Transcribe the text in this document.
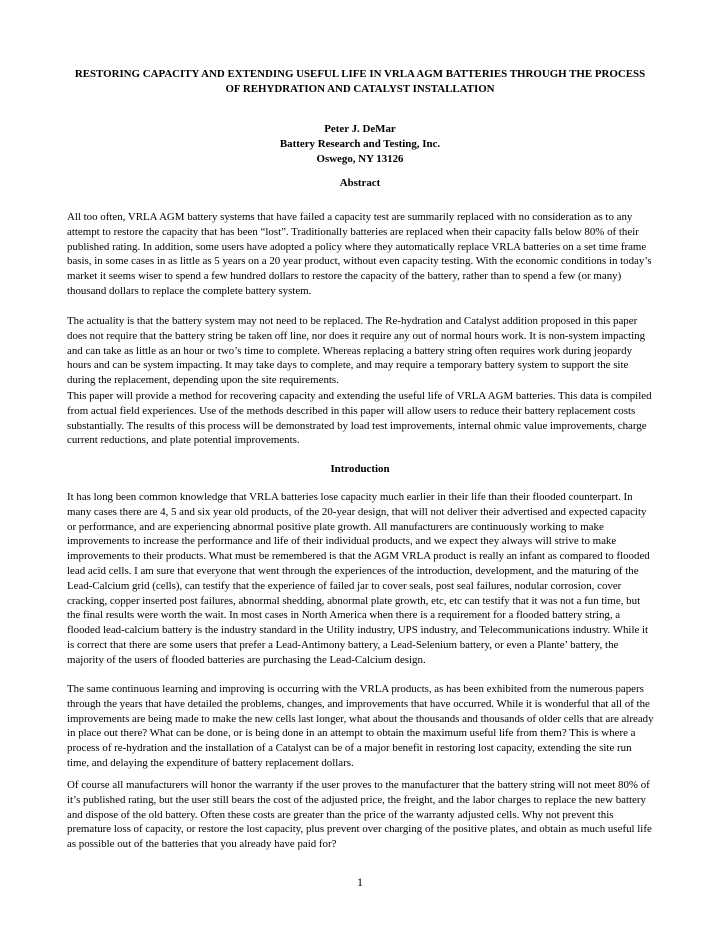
RESTORING CAPACITY AND EXTENDING USEFUL LIFE IN VRLA AGM BATTERIES THROUGH THE PROCESS OF REHYDRATION AND CATALYST INSTALLATION

Peter J. DeMar

Battery Research and Testing, Inc.

Oswego, NY 13126

Abstract

All too often, VRLA AGM battery systems that have failed a capacity test are summarily replaced with no consideration as to any attempt to restore the capacity that has been “lost”. Traditionally batteries are replaced when their capacity falls below 80% of their published rating. In addition, some users have adopted a policy where they automatically replace VRLA batteries on a set time frame basis, in some cases in as little as 5 years on a 20 year product, without even capacity testing. With the economic conditions in today’s market it seems wiser to spend a few hundred dollars to restore the capacity of the battery, rather than to spend a few (or many) thousand dollars to replace the complete battery system.

The actuality is that the battery system may not need to be replaced. The Re-hydration and Catalyst addition proposed in this paper does not require that the battery string be taken off line, nor does it require any out of normal hours work. It is non-system impacting and can take as little as an hour or two’s time to complete. Whereas replacing a battery string often requires work during jeopardy hours and can be system impacting. It may take days to complete, and may require a temporary battery system to support the site during the replacement, depending upon the site requirements.

This paper will provide a method for recovering capacity and extending the useful life of VRLA AGM batteries. This data is compiled from actual field experiences. Use of the methods described in this paper will allow users to reduce their battery replacement costs substantially. The results of this process will be demonstrated by load test improvements, internal ohmic value improvements, charge current reductions, and plate potential improvements.

Introduction

It has long been common knowledge that VRLA batteries lose capacity much earlier in their life than their flooded counterpart. In many cases there are 4, 5 and six year old products, of the 20-year design, that will not deliver their advertised and expected capacity or performance, and are experiencing abnormal positive plate growth. All manufacturers are continuously working to make improvements to increase the performance and life of their individual products, and we expect they always will strive to make improvements to their products. What must be remembered is that the AGM VRLA product is really an infant as compared to flooded lead acid cells. I am sure that everyone that went through the experiences of the introduction, development, and the maturing of the Lead-Calcium grid (cells), can testify that the experience of failed jar to cover seals, post seal failures, nodular corrosion, cover cracking, copper inserted post failures, abnormal shedding, abnormal plate growth, etc, etc can testify that it was not a fun time, but the final results were worth the wait. In most cases in North America when there is a requirement for a flooded battery string, a flooded lead-calcium battery is the industry standard in the Utility industry, UPS industry, and Telecommunications industry. While it is correct that there are some users that prefer a Lead-Antimony battery, a Lead-Selenium battery, or even a Plante’ battery, the majority of the users of flooded batteries are purchasing the Lead-Calcium design.

The same continuous learning and improving is occurring with the VRLA products, as has been exhibited from the numerous papers through the years that have detailed the problems, changes, and improvements that have occurred. While it is wonderful that all of the improvements are being made to make the new cells last longer, what about the thousands and thousands of older cells that are already in place out there? What can be done, or is being done in an attempt to obtain the maximum useful life from them? This is where a process of re-hydration and the installation of a Catalyst can be of a major benefit in restoring lost capacity, extending the site run time, and delaying the expenditure of battery replacement dollars.

Of course all manufacturers will honor the warranty if the user proves to the manufacturer that the battery string will not meet 80% of it’s published rating, but the user still bears the cost of the adjusted price, the freight, and the labor charges to replace the new battery and dispose of the old battery. Often these costs are greater than the price of the warranty adjusted cells. Why not prevent this premature loss of capacity, or restore the lost capacity, plus prevent over charging of the positive plates, and obtain as much useful life as possible out of the batteries that you already have paid for?

1
